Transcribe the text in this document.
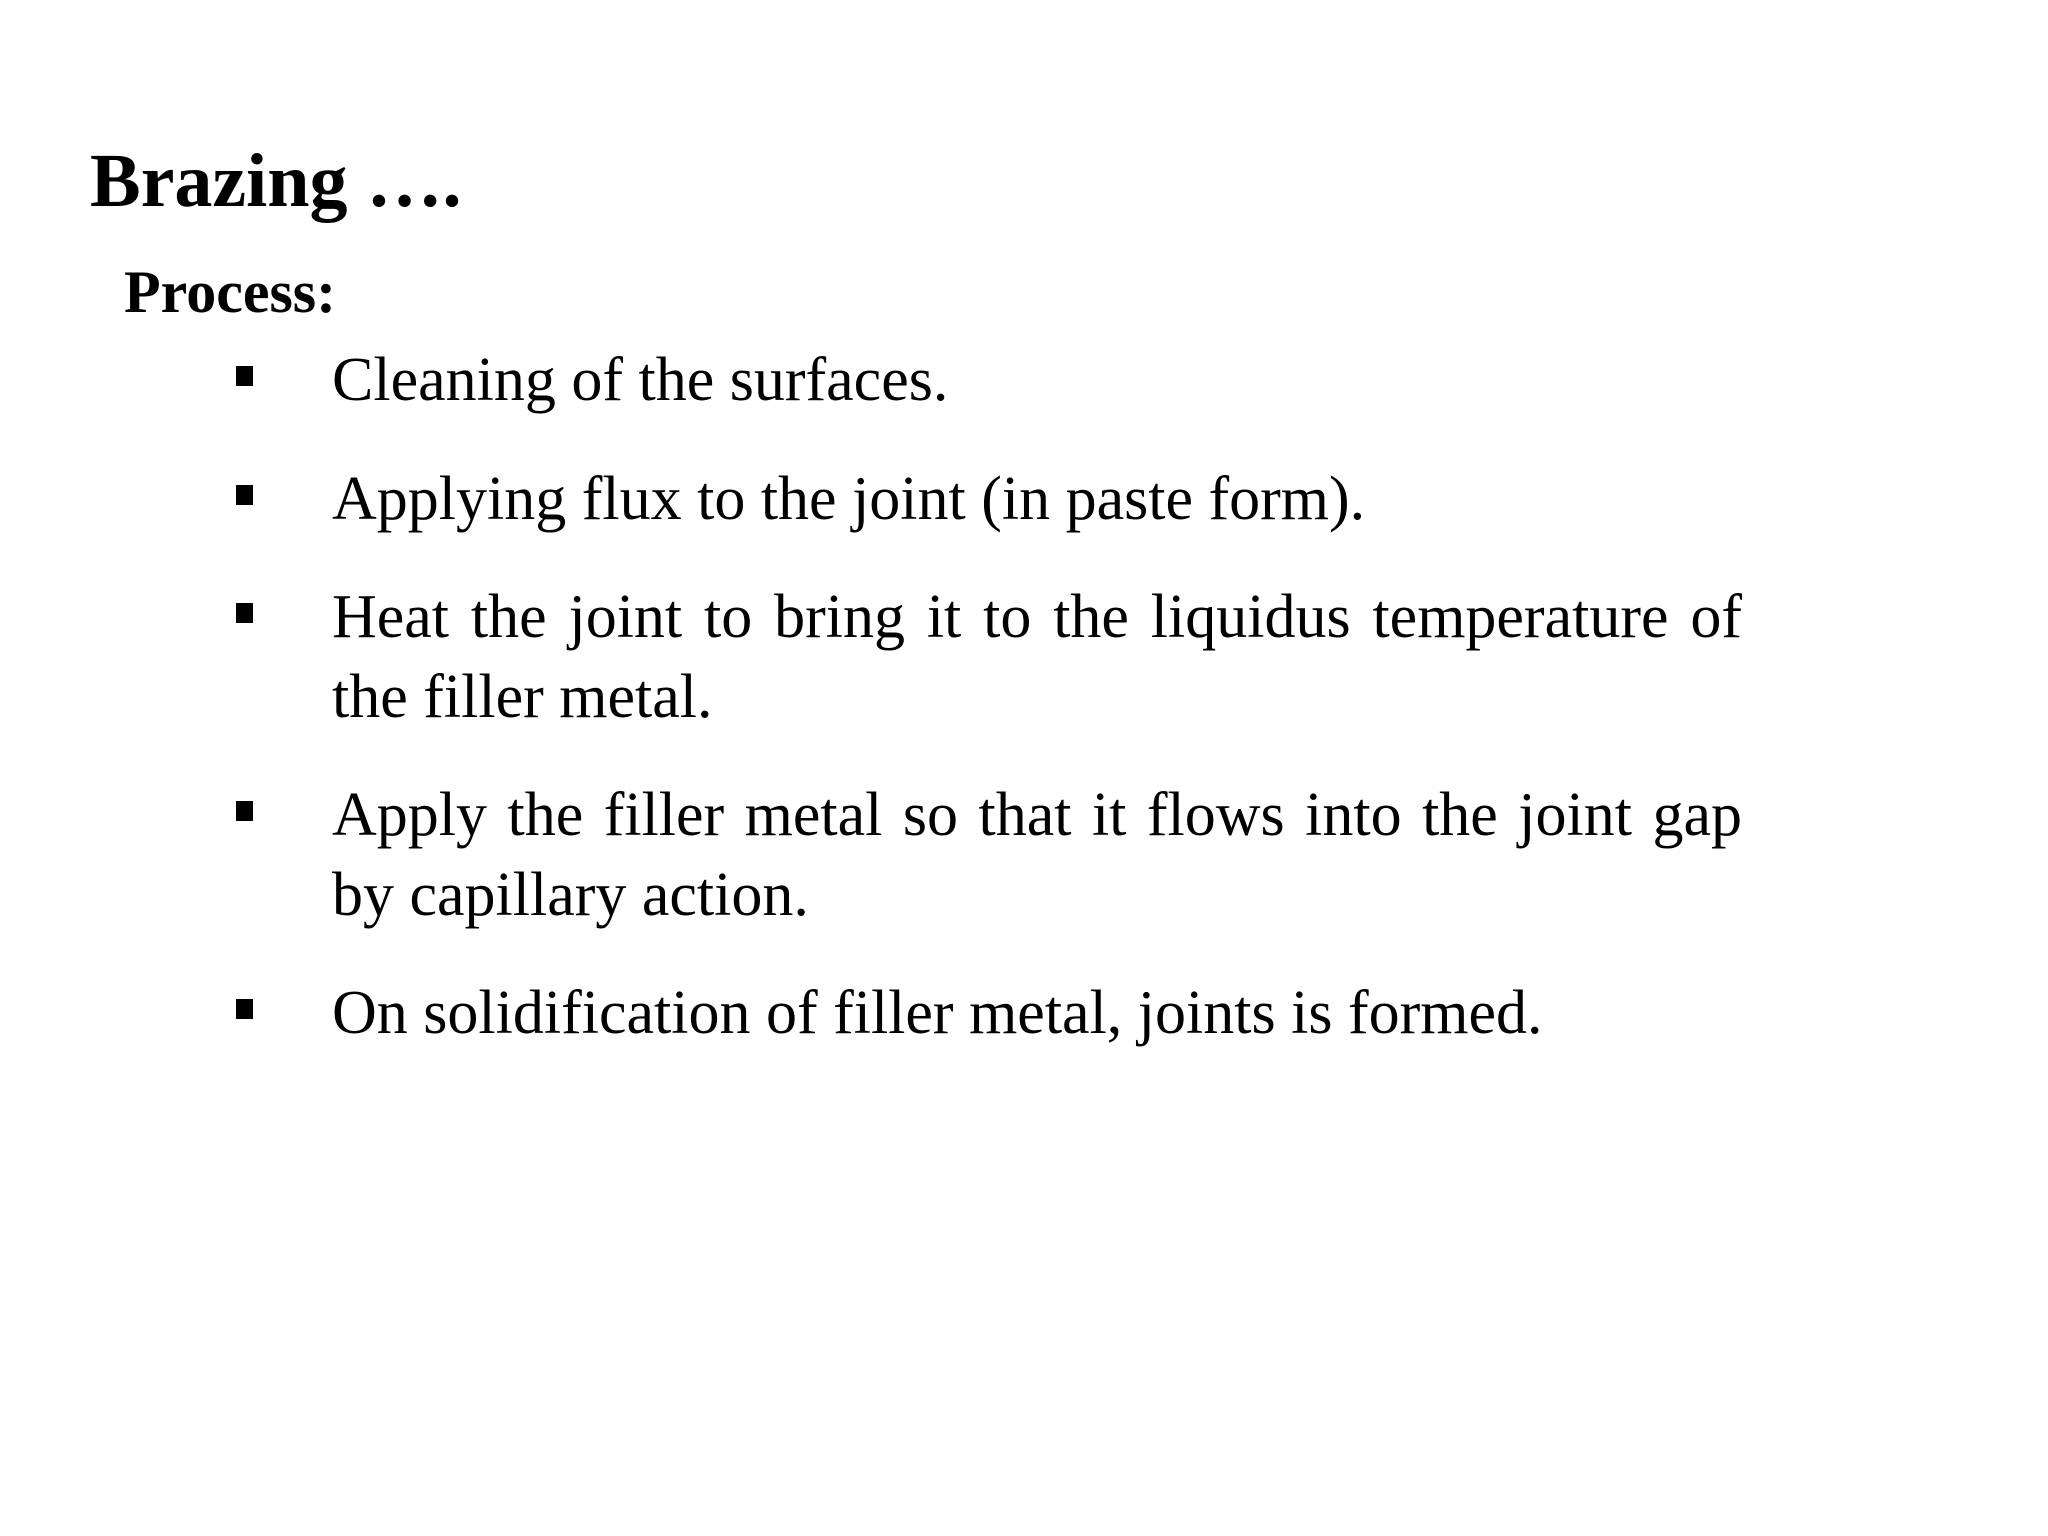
Brazing ….
Process:
Cleaning of the surfaces.
Applying flux to the joint (in paste form).
Heat the joint to bring it to the liquidus temperature of the filler metal.
Apply the filler metal so that it flows into the joint gap by capillary action.
On solidification of filler metal, joints is formed.
